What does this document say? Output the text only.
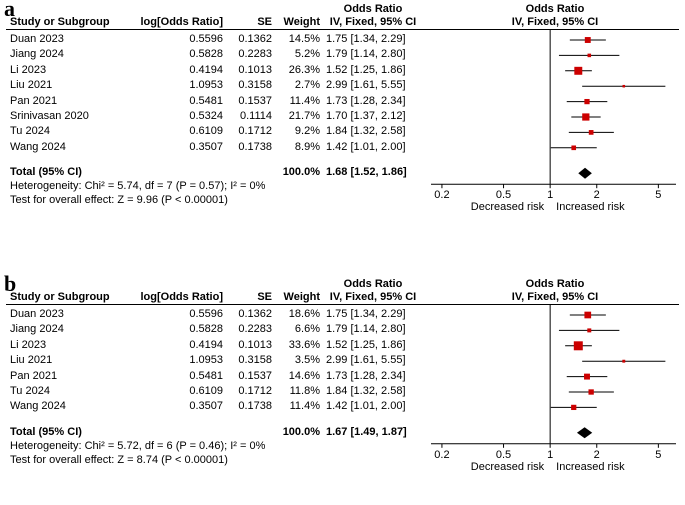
a
Study or Subgroup	log[Odds Ratio]	SE	Weight
Odds Ratio
IV, Fixed, 95% CI
Odds Ratio
IV, Fixed, 95% CI
Duan 2023	0.5596	0.1362	14.5% 1.75 [1.34, 2.29]
Jiang 2024	0.5828	0.2283	5.2% 1.79 [1.14, 2.80]
Li 2023	0.4194	0.1013	26.3% 1.52 [1.25, 1.86]
Liu 2021	1.0953	0.3158	2.7% 2.99 [1.61, 5.55]
Pan 2021	0.5481	0.1537	11.4% 1.73 [1.28, 2.34]
Srinivasan 2020	0.5324	0.1114	21.7% 1.70 [1.37, 2.12]
Tu 2024	0.6109	0.1712	9.2% 1.84 [1.32, 2.58]
Wang 2024	0.3507	0.1738	8.9% 1.42 [1.01, 2.00]
Total (95% CI)	100.0% 1.68 [1.52, 1.86]
Heterogeneity: Chi² = 5.74, df = 7 (P = 0.57); I² = 0%
Test for overall effect: Z = 9.96 (P < 0.00001)	0.2	0.5	1	2	5
Decreased risk Increased risk
b
Study or Subgroup	log[Odds Ratio]	SE	Weight
Odds Ratio
IV, Fixed, 95% CI
Odds Ratio
IV, Fixed, 95% CI
Duan 2023	0.5596	0.1362	18.6% 1.75 [1.34, 2.29]
Jiang 2024	0.5828	0.2283	6.6% 1.79 [1.14, 2.80]
Li 2023	0.4194	0.1013	33.6% 1.52 [1.25, 1.86]
Liu 2021	1.0953	0.3158	3.5% 2.99 [1.61, 5.55]
Pan 2021	0.5481	0.1537	14.6% 1.73 [1.28, 2.34]
Tu 2024	0.6109	0.1712	11.8% 1.84 [1.32, 2.58]
Wang 2024	0.3507	0.1738	11.4% 1.42 [1.01, 2.00]
Total (95% CI)	100.0% 1.67 [1.49, 1.87]
Heterogeneity: Chi² = 5.72, df = 6 (P = 0.46); I² = 0%
Test for overall effect: Z = 8.74 (P < 0.00001)	0.2	0.5	1	2	5
Decreased risk Increased risk
